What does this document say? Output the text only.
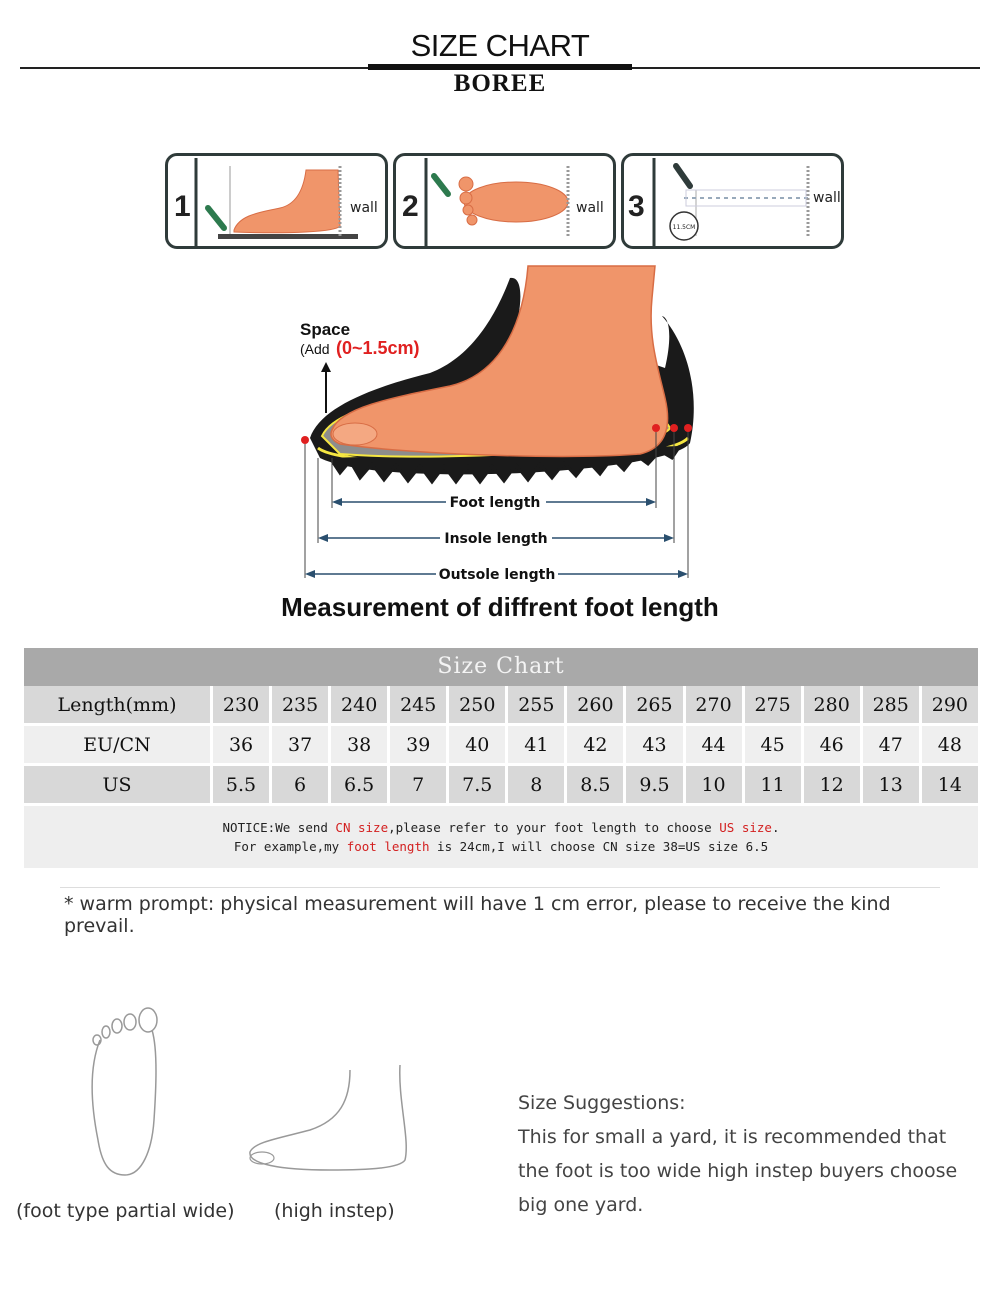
SIZE CHART
BOREE
1	wall 2	wall 3
11.5CM
wall
Space
(Add (0~1.5cm)
Foot length
Insole length
Outsole length
Measurement of diffrent foot length
Size Chart
Length(mm)	230	235	240	245	250	255	260	265	270	275	280	285	290
EU/CN	36	37	38	39	40	41	42	43	44	45	46	47	48
US	5.5	6	6.5	7	7.5	8	8.5	9.5	10	11	12	13	14
NOTICE:We send CN size,please refer to your foot length to choose US size.
For example,my foot length is 24cm,I will choose CN size 38=US size 6.5
* warm prompt: physical measurement will have 1 cm error, please to receive the kind prevail.
(foot type partial wide) (high instep)
Size Suggestions:
This for small a yard, it is recommended that
the foot is too wide high instep buyers choose
big one yard.
